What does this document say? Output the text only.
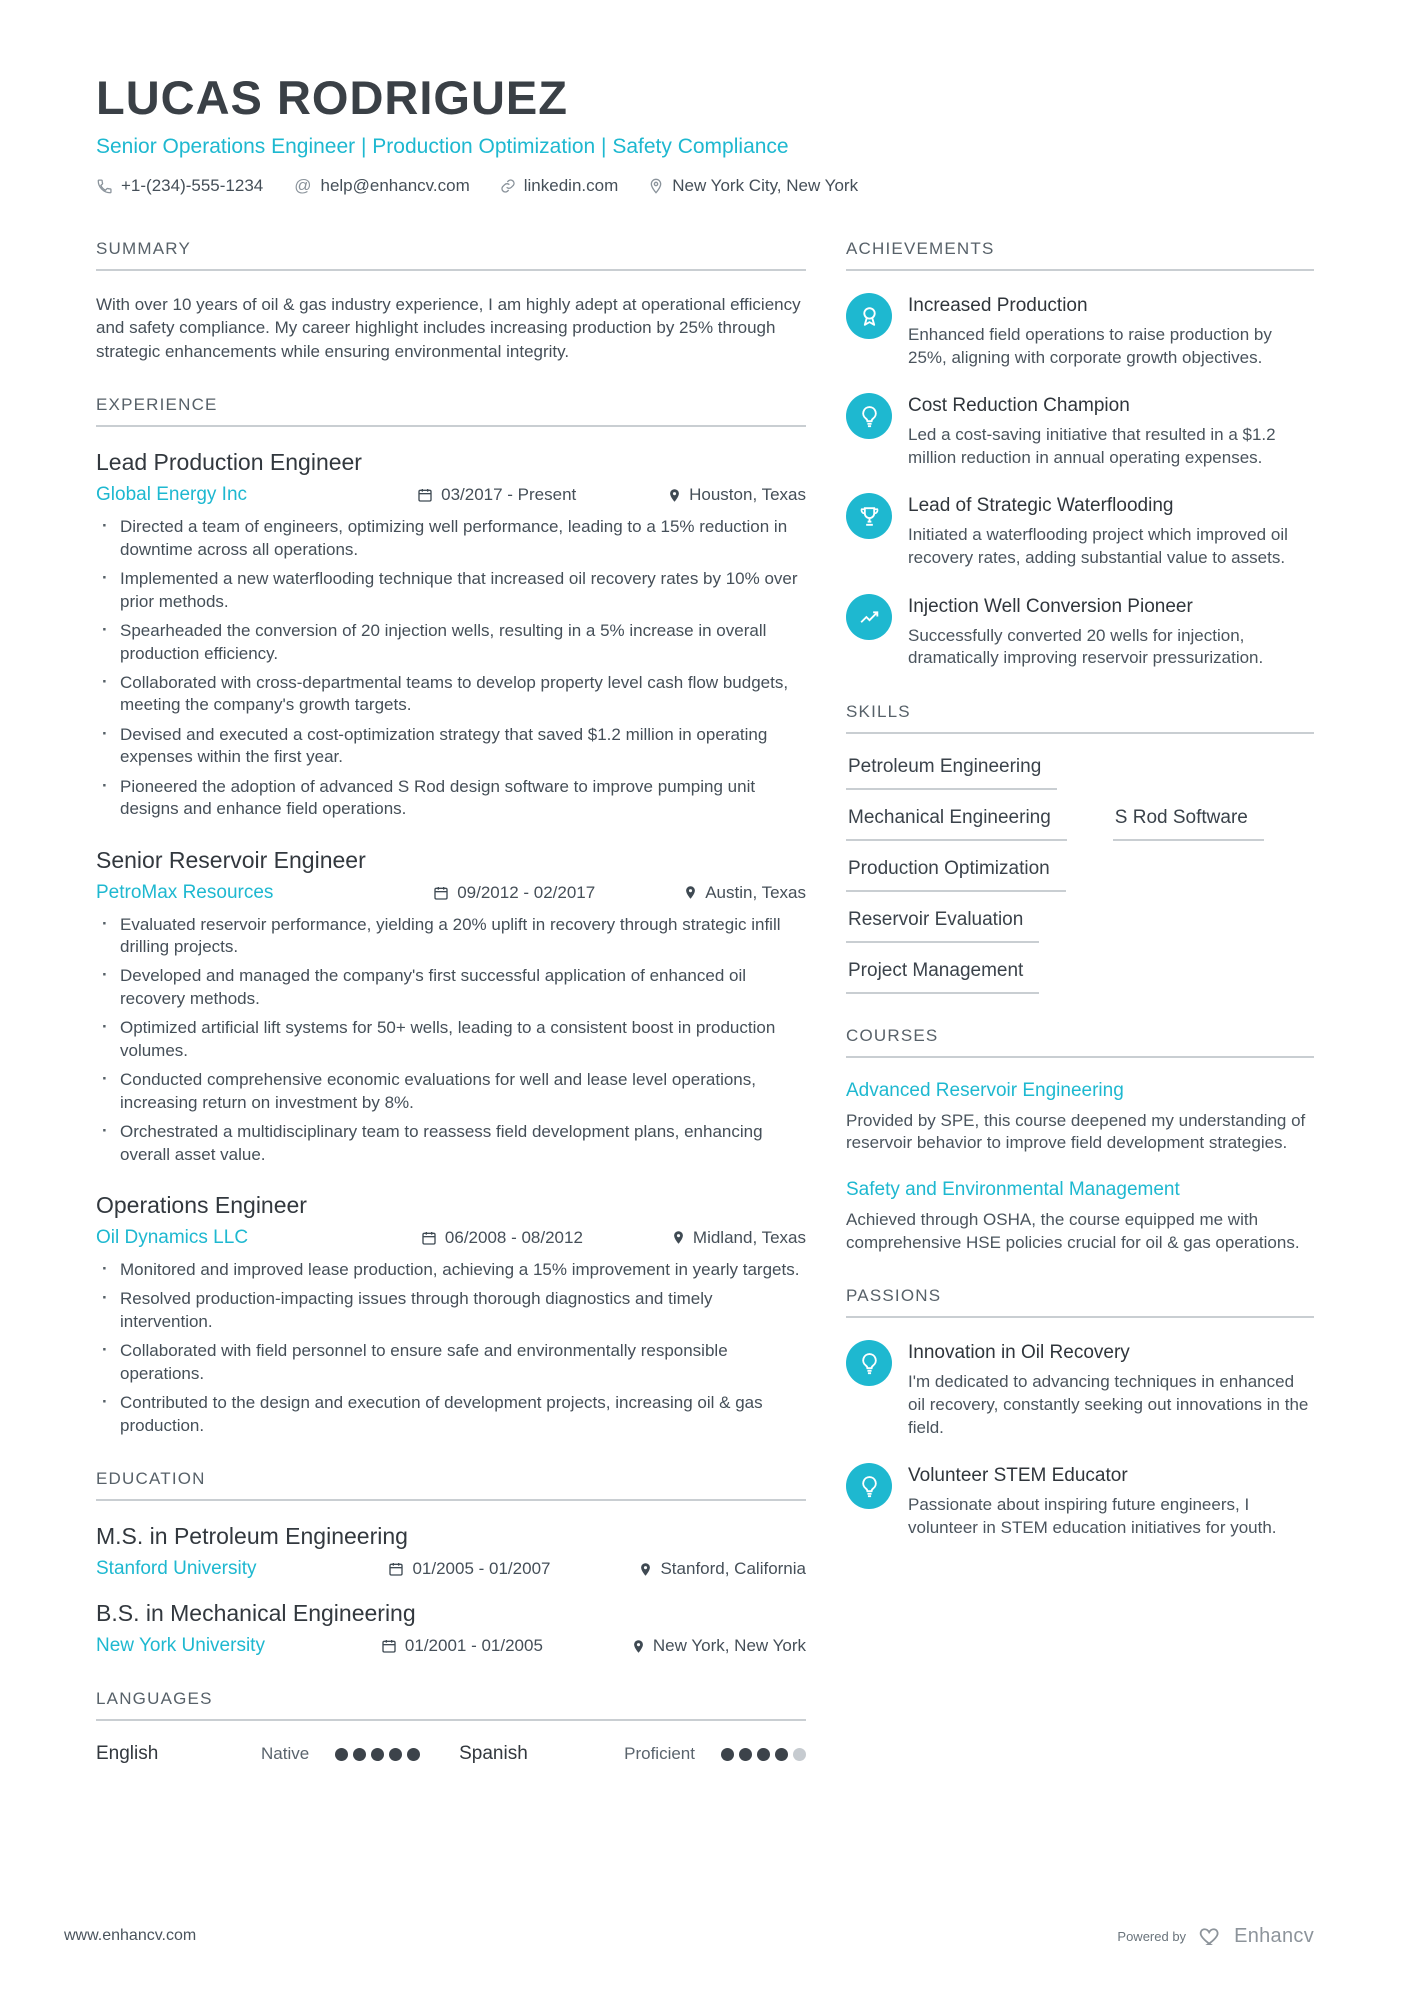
LUCAS RODRIGUEZ
Senior Operations Engineer | Production Optimization | Safety Compliance
+1-(234)-555-1234 @ help@enhancv.com	linkedin.com	New York City, New York
SUMMARY

With over 10 years of oil & gas industry experience, I am highly adept at operational efficiency and safety compliance. My career highlight includes increasing production by 25% through strategic enhancements while ensuring environmental integrity.

EXPERIENCE
Lead Production Engineer
Global Energy Inc	03/2017 - Present	Houston, Texas
· Directed a team of engineers, optimizing well performance, leading to a 15% reduction in downtime across all operations.
· Implemented a new waterflooding technique that increased oil recovery rates by 10% over prior methods.
· Spearheaded the conversion of 20 injection wells, resulting in a 5% increase in overall production efficiency.
· Collaborated with cross-departmental teams to develop property level cash flow budgets, meeting the company's growth targets.
· Devised and executed a cost-optimization strategy that saved $1.2 million in operating expenses within the first year.
· Pioneered the adoption of advanced S Rod design software to improve pumping unit designs and enhance field operations.
Senior Reservoir Engineer
PetroMax Resources	09/2012 - 02/2017	Austin, Texas
· Evaluated reservoir performance, yielding a 20% uplift in recovery through strategic infill drilling projects.
· Developed and managed the company's first successful application of enhanced oil recovery methods.
· Optimized artificial lift systems for 50+ wells, leading to a consistent boost in production volumes.
· Conducted comprehensive economic evaluations for well and lease level operations, increasing return on investment by 8%.
· Orchestrated a multidisciplinary team to reassess field development plans, enhancing overall asset value.
Operations Engineer
Oil Dynamics LLC	06/2008 - 08/2012	Midland, Texas
· Monitored and improved lease production, achieving a 15% improvement in yearly targets.
· Resolved production-impacting issues through thorough diagnostics and timely intervention.
· Collaborated with field personnel to ensure safe and environmentally responsible operations.
· Contributed to the design and execution of development projects, increasing oil & gas production.
EDUCATION
M.S. in Petroleum Engineering
Stanford University	01/2005 - 01/2007	Stanford, California
B.S. in Mechanical Engineering
New York University	01/2001 - 01/2005	New York, New York
LANGUAGES
English	Native	Spanish	Proficient
ACHIEVEMENTS
Increased Production
Enhanced field operations to raise production by 25%, aligning with corporate growth objectives.
Cost Reduction Champion
Led a cost-saving initiative that resulted in a $1.2 million reduction in annual operating expenses.
Lead of Strategic Waterflooding
Initiated a waterflooding project which improved oil recovery rates, adding substantial value to assets.
Injection Well Conversion Pioneer
Successfully converted 20 wells for injection, dramatically improving reservoir pressurization.
SKILLS
Petroleum Engineering
Mechanical Engineering	S Rod Software
Production Optimization
Reservoir Evaluation
Project Management
COURSES
Advanced Reservoir Engineering
Provided by SPE, this course deepened my understanding of reservoir behavior to improve field development strategies.
Safety and Environmental Management
Achieved through OSHA, the course equipped me with comprehensive HSE policies crucial for oil & gas operations.
PASSIONS
Innovation in Oil Recovery
I'm dedicated to advancing techniques in enhanced oil recovery, constantly seeking out innovations in the field.
Volunteer STEM Educator
Passionate about inspiring future engineers, I volunteer in STEM education initiatives for youth.
www.enhancv.com	Powered by Enhancv
